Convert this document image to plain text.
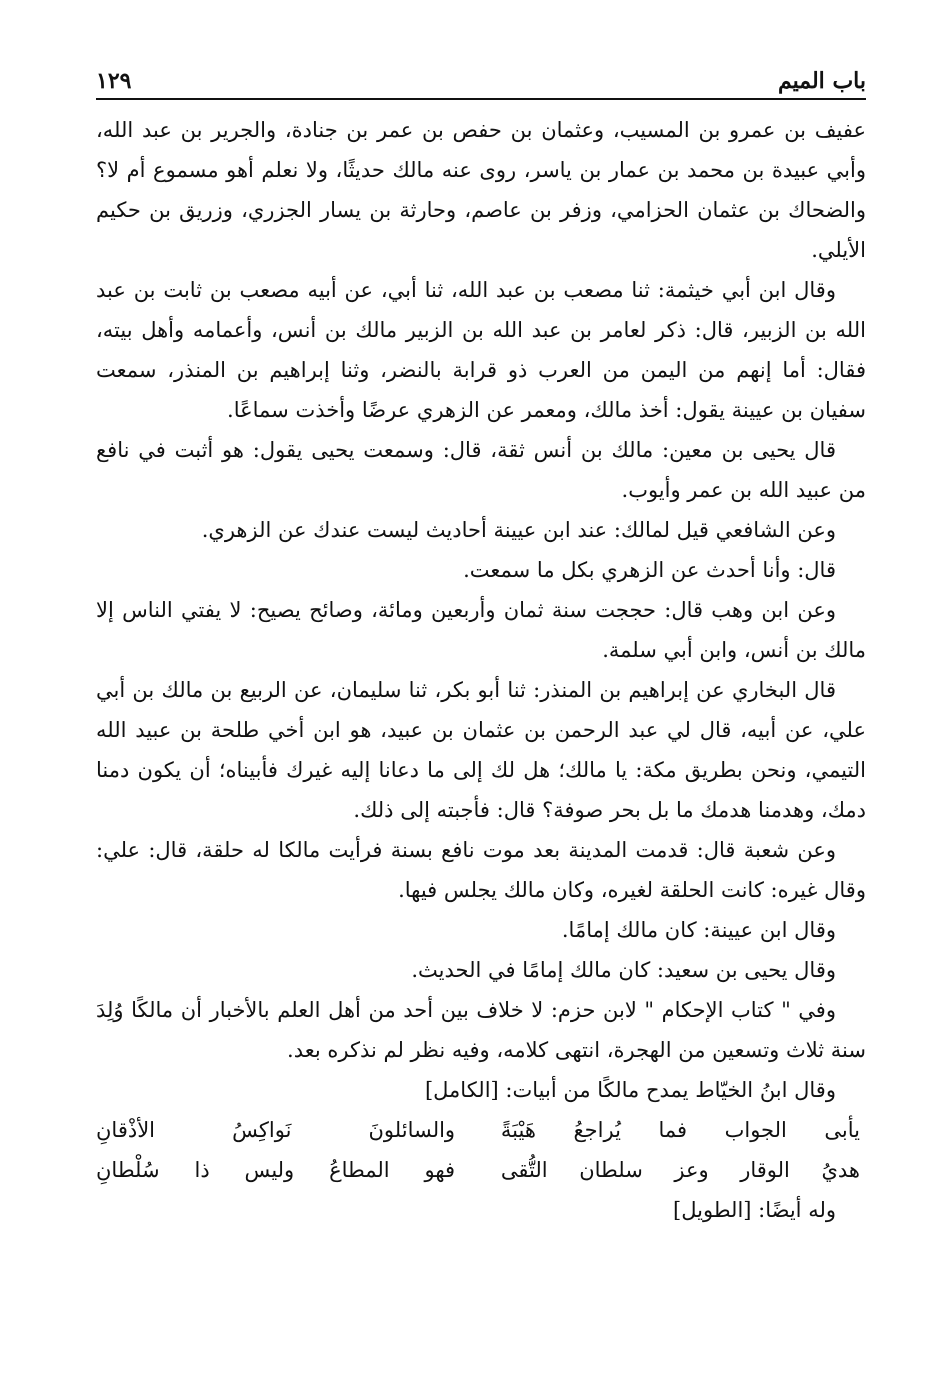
باب الميم
١٢٩

عفيف بن عمرو بن المسيب، وعثمان بن حفص بن عمر بن جنادة، والجرير بن عبد الله، وأبي عبيدة بن محمد بن عمار بن ياسر، روى عنه مالك حديثًا، ولا نعلم أهو مسموع أم لا؟ والضحاك بن عثمان الحزامي، وزفر بن عاصم، وحارثة بن يسار الجزري، وزريق بن حكيم الأيلي.

وقال ابن أبي خيثمة: ثنا مصعب بن عبد الله، ثنا أبي، عن أبيه مصعب بن ثابت بن عبد الله بن الزبير، قال: ذكر لعامر بن عبد الله بن الزبير مالك بن أنس، وأعمامه وأهل بيته، فقال: أما إنهم من اليمن من العرب ذو قرابة بالنضر، وثنا إبراهيم بن المنذر، سمعت سفيان بن عيينة يقول: أخذ مالك، ومعمر عن الزهري عرضًا وأخذت سماعًا.

قال يحيى بن معين: مالك بن أنس ثقة، قال: وسمعت يحيى يقول: هو أثبت في نافع من عبيد الله بن عمر وأيوب.

وعن الشافعي قيل لمالك: عند ابن عيينة أحاديث ليست عندك عن الزهري.

قال: وأنا أحدث عن الزهري بكل ما سمعت.

وعن ابن وهب قال: حججت سنة ثمان وأربعين ومائة، وصائح يصيح: لا يفتي الناس إلا مالك بن أنس، وابن أبي سلمة.

قال البخاري عن إبراهيم بن المنذر: ثنا أبو بكر، ثنا سليمان، عن الربيع بن مالك بن أبي علي، عن أبيه، قال لي عبد الرحمن بن عثمان بن عبيد، هو ابن أخي طلحة بن عبيد الله التيمي، ونحن بطريق مكة: يا مالك؛ هل لك إلى ما دعانا إليه غيرك فأبيناه؛ أن يكون دمنا دمك، وهدمنا هدمك ما بل بحر صوفة؟ قال: فأجبته إلى ذلك.

وعن شعبة قال: قدمت المدينة بعد موت نافع بسنة فرأيت مالكا له حلقة، قال: علي: وقال غيره: كانت الحلقة لغيره، وكان مالك يجلس فيها.

وقال ابن عيينة: كان مالك إمامًا.

وقال يحيى بن سعيد: كان مالك إمامًا في الحديث.

وفي " كتاب الإحكام " لابن حزم: لا خلاف بين أحد من أهل العلم بالأخبار أن مالكًا وُلِدَ سنة ثلاث وتسعين من الهجرة، انتهى كلامه، وفيه نظر لم نذكره بعد.

وقال ابنُ الخيّاط يمدح مالكًا من أبيات: [الكامل]

يأبى الجواب فما يُراجعُ هَيْبَةً
والسائلونَ نَواكِسُ الأذْقانِ
هديُ الوقار وعز سلطان التُّقى
فهو المطاعُ وليس ذا سُلْطانِ

وله أيضًا: [الطويل]
